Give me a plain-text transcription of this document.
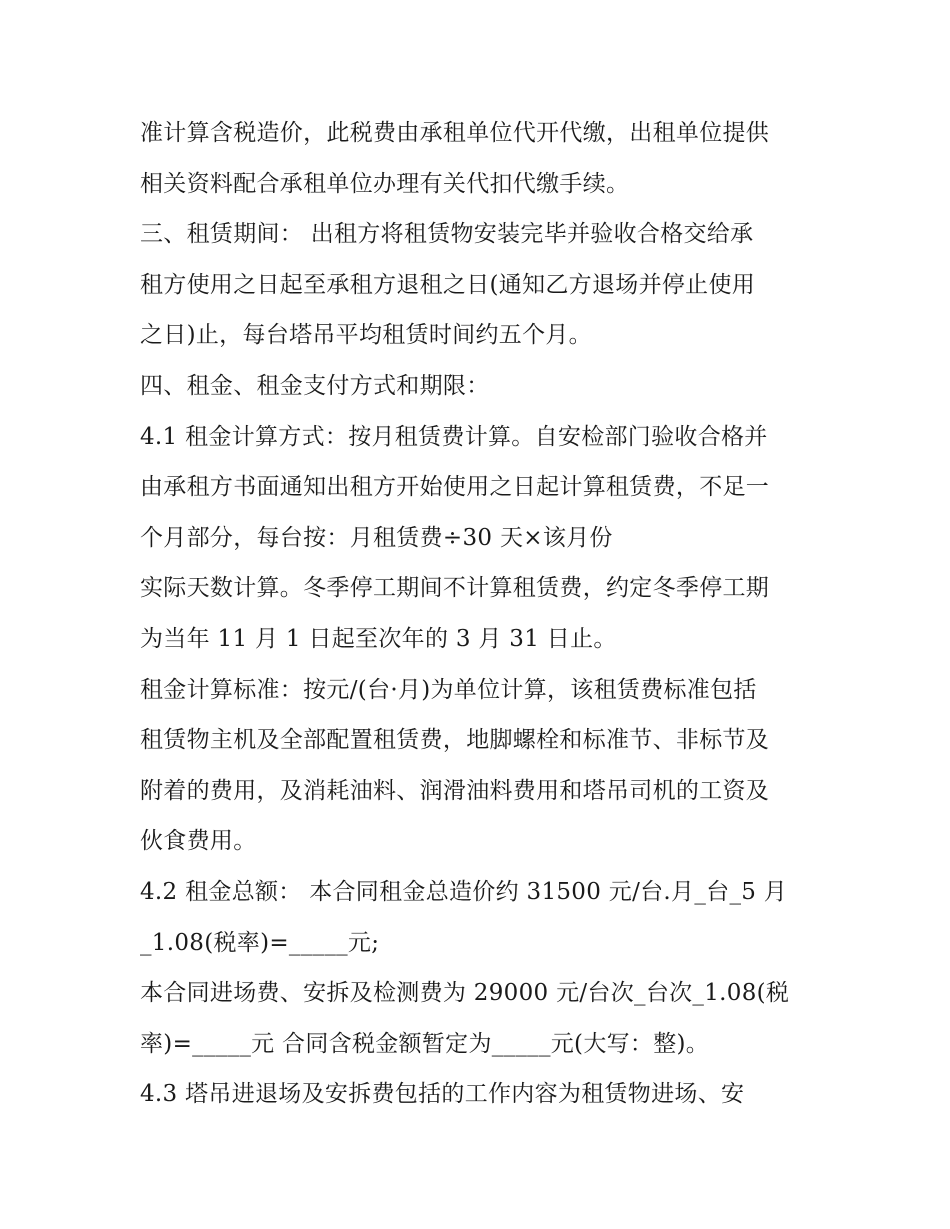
准计算含税造价，此税费由承租单位代开代缴，出租单位提供
相关资料配合承租单位办理有关代扣代缴手续。
三、租赁期间： 出租方将租赁物安装完毕并验收合格交给承
租方使用之日起至承租方退租之日(通知乙方退场并停止使用
之日)止，每台塔吊平均租赁时间约五个月。
四、租金、租金支付方式和期限：
4.1 租金计算方式：按月租赁费计算。自安检部门验收合格并
由承租方书面通知出租方开始使用之日起计算租赁费，不足一
个月部分，每台按：月租赁费÷30 天×该月份
实际天数计算。冬季停工期间不计算租赁费，约定冬季停工期
为当年 11 月 1 日起至次年的 3 月 31 日止。
租金计算标准：按元/(台·月)为单位计算，该租赁费标准包括
租赁物主机及全部配置租赁费，地脚螺栓和标准节、非标节及
附着的费用，及消耗油料、润滑油料费用和塔吊司机的工资及
伙食费用。
4.2 租金总额： 本合同租金总造价约 31500 元/台.月_台_5 月
_1.08(税率)=_____元;
本合同进场费、安拆及检测费为 29000 元/台次_台次_1.08(税
率)=_____元 合同含税金额暂定为_____元(大写：整)。
4.3 塔吊进退场及安拆费包括的工作内容为租赁物进场、安
